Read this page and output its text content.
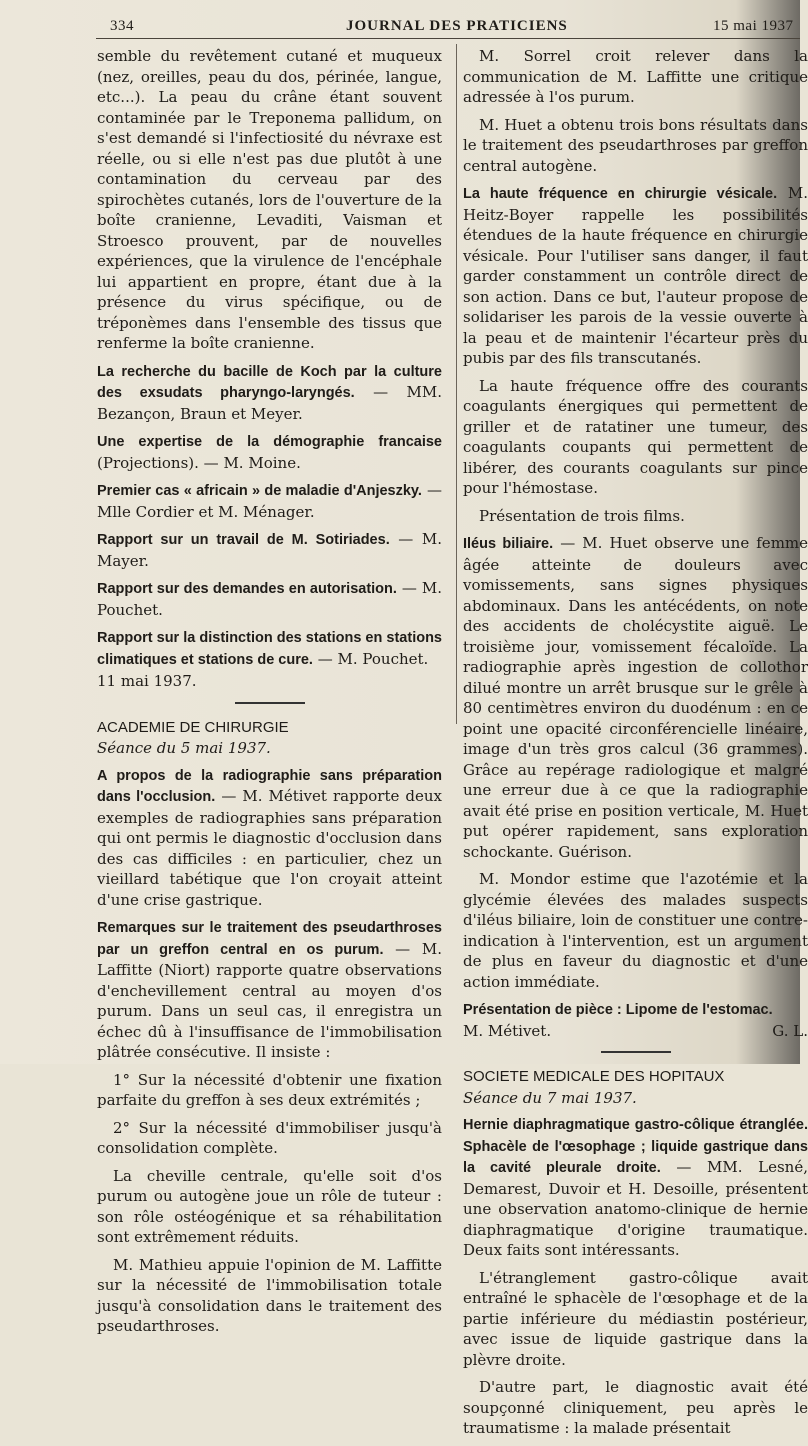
334	JOURNAL DES PRATICIENS	15 mai 1937

semble du revêtement cutané et muqueux (nez, oreilles, peau du dos, périnée, langue, etc...). La peau du crâne étant souvent contaminée par le Treponema pallidum, on s'est demandé si l'infectiosité du névraxe est réelle, ou si elle n'est pas due plutôt à une contamination du cerveau par des spirochètes cutanés, lors de l'ouverture de la boîte cranienne, Levaditi, Vaisman et Stroesco prouvent, par de nouvelles expériences, que la virulence de l'encéphale lui appartient en propre, étant due à la présence du virus spécifique, ou de tréponèmes dans l'ensemble des tissus que renferme la boîte cranienne.

La recherche du bacille de Koch par la culture des exsudats pharyngo-laryngés. — MM. Bezançon, Braun et Meyer.

Une expertise de la démographie francaise (Projections). — M. Moine.

Premier cas « africain » de maladie d'Anjeszky. — Mlle Cordier et M. Ménager.

Rapport sur un travail de M. Sotiriades. — M. Mayer.

Rapport sur des demandes en autorisation. — M. Pouchet.

Rapport sur la distinction des stations en stations climatiques et stations de cure. — M. Pouchet.

11 mai 1937.

ACADEMIE DE CHIRURGIE

Séance du 5 mai 1937.

A propos de la radiographie sans préparation dans l'occlusion. — M. Métivet rapporte deux exemples de radiographies sans préparation qui ont permis le diagnostic d'occlusion dans des cas difficiles : en particulier, chez un vieillard tabétique que l'on croyait atteint d'une crise gastrique.

Remarques sur le traitement des pseudarthroses par un greffon central en os purum. — M. Laffitte (Niort) rapporte quatre observations d'enchevillement central au moyen d'os purum. Dans un seul cas, il enregistra un échec dû à l'insuffisance de l'immobilisation plâtrée consécutive. Il insiste :

1° Sur la nécessité d'obtenir une fixation parfaite du greffon à ses deux extrémités ;

2° Sur la nécessité d'immobiliser jusqu'à consolidation complète.

La cheville centrale, qu'elle soit d'os purum ou autogène joue un rôle de tuteur : son rôle ostéogénique et sa réhabilitation sont extrêmement réduits.

M. Mathieu appuie l'opinion de M. Laffitte sur la nécessité de l'immobilisation totale jusqu'à consolidation dans le traitement des pseudarthroses.

M. Sorrel croit relever dans la communication de M. Laffitte une critique adressée à l'os purum.

M. Huet a obtenu trois bons résultats dans le traitement des pseudarthroses par greffon central autogène.

La haute fréquence en chirurgie vésicale. M. Heitz-Boyer rappelle les possibilités étendues de la haute fréquence en chirurgie vésicale. Pour l'utiliser sans danger, il faut garder constamment un contrôle direct de son action. Dans ce but, l'auteur propose de solidariser les parois de la vessie ouverte à la peau et de maintenir l'écarteur près du pubis par des fils transcutanés.

La haute fréquence offre des courants coagulants énergiques qui permettent de griller et de ratatiner une tumeur, des coagulants coupants qui permettent de libérer, des courants coagulants sur pince pour l'hémostase.

Présentation de trois films.

Iléus biliaire. — M. Huet observe une femme âgée atteinte de douleurs avec vomissements, sans signes physiques abdominaux. Dans les antécédents, on note des accidents de cholécystite aiguë. Le troisième jour, vomissement fécaloïde. La radiographie après ingestion de collothor dilué montre un arrêt brusque sur le grêle à 80 centimètres environ du duodénum : en ce point une opacité circonférencielle linéaire, image d'un très gros calcul (36 grammes). Grâce au repérage radiologique et malgré une erreur due à ce que la radiographie avait été prise en position verticale, M. Huet put opérer rapidement, sans exploration schockante. Guérison.

M. Mondor estime que l'azotémie et la glycémie élevées des malades suspects d'iléus biliaire, loin de constituer une contre-indication à l'intervention, est un argument de plus en faveur du diagnostic et d'une action immédiate.

Présentation de pièce : Lipome de l'estomac.

M. Métivet.	G. L.

SOCIETE MEDICALE DES HOPITAUX

Séance du 7 mai 1937.

Hernie diaphragmatique gastro-côlique étranglée. Sphacèle de l'œsophage ; liquide gastrique dans la cavité pleurale droite. — MM. Lesné, Demarest, Duvoir et H. Desoille, présentent une observation anatomo-clinique de hernie diaphragmatique d'origine traumatique. Deux faits sont intéressants.

L'étranglement gastro-côlique avait entraîné le sphacèle de l'œsophage et de la partie inférieure du médiastin postérieur, avec issue de liquide gastrique dans la plèvre droite.

D'autre part, le diagnostic avait été soupçonné cliniquement, peu après le traumatisme : la malade présentait
